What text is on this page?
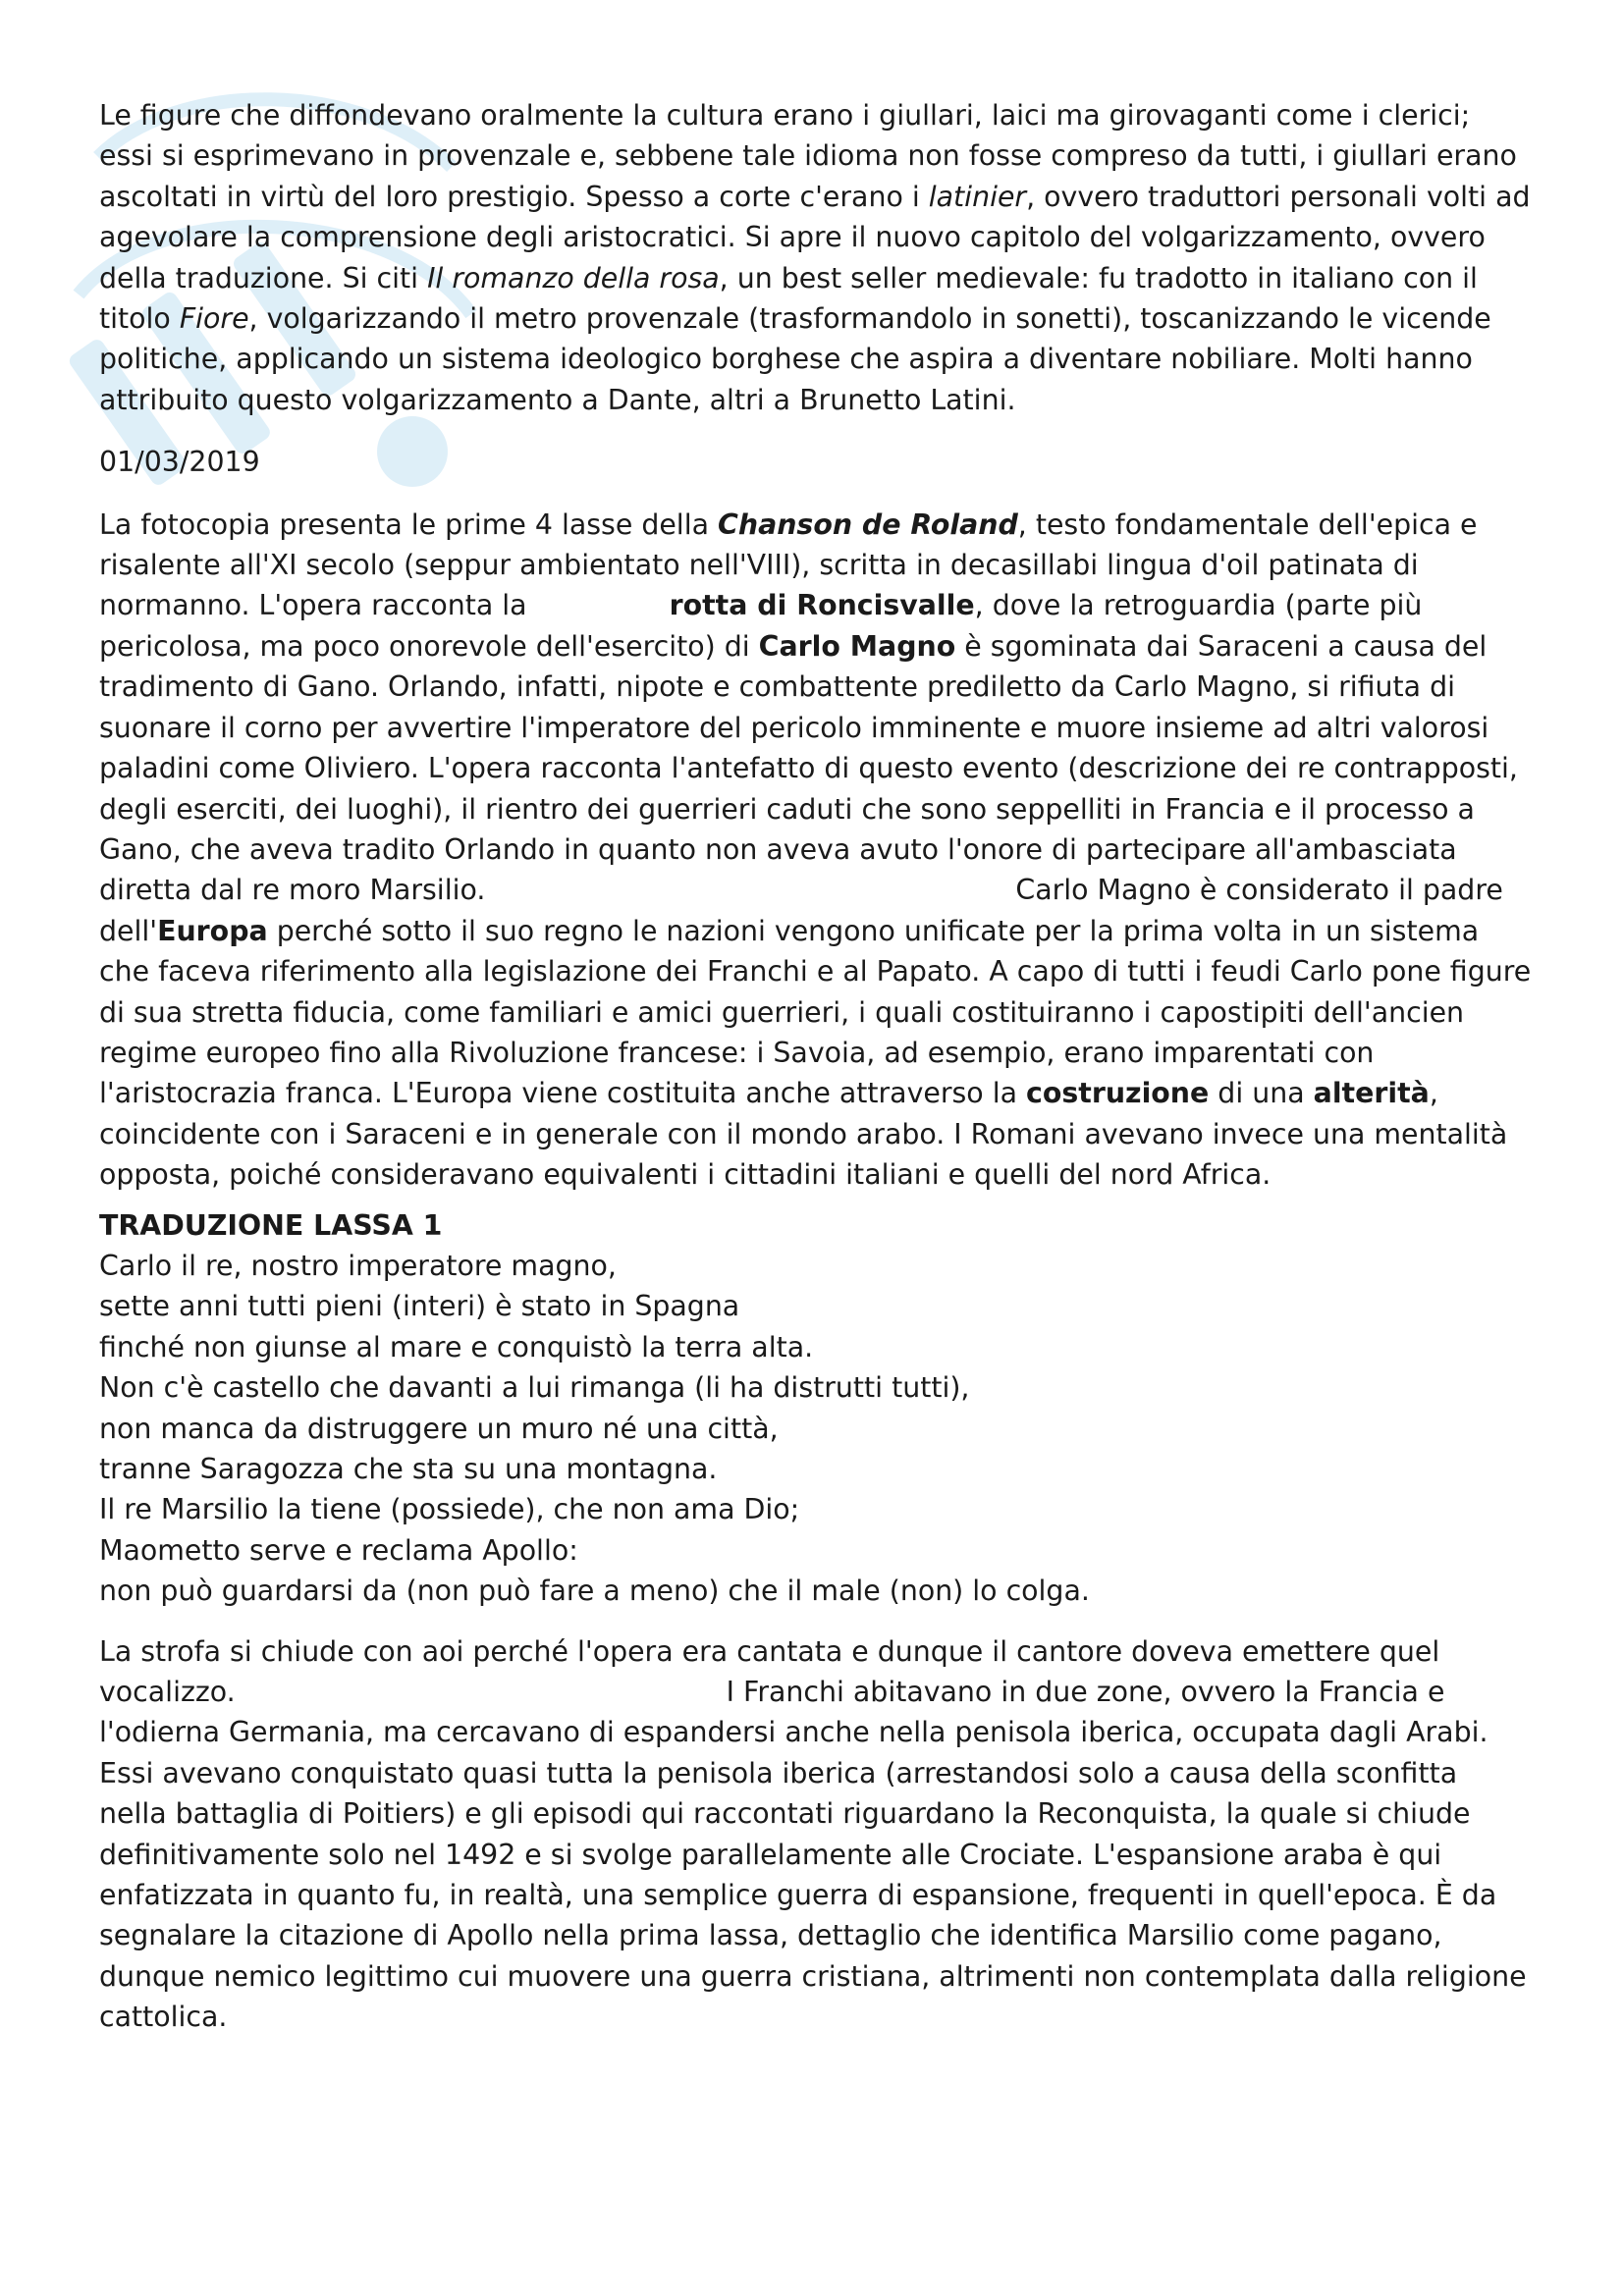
Le figure che diffondevano oralmente la cultura erano i giullari, laici ma girovaganti come i clerici; essi si esprimevano in provenzale e, sebbene tale idioma non fosse compreso da tutti, i giullari erano ascoltati in virtù del loro prestigio. Spesso a corte c'erano i latinier, ovvero traduttori personali volti ad agevolare la comprensione degli aristocratici. Si apre il nuovo capitolo del volgarizzamento, ovvero della traduzione. Si citi Il romanzo della rosa, un best seller medievale: fu tradotto in italiano con il titolo Fiore, volgarizzando il metro provenzale (trasformandolo in sonetti), toscanizzando le vicende politiche, applicando un sistema ideologico borghese che aspira a diventare nobiliare. Molti hanno attribuito questo volgarizzamento a Dante, altri a Brunetto Latini.

01/03/2019

La fotocopia presenta le prime 4 lasse della Chanson de Roland, testo fondamentale dell'epica e risalente all'XI secolo (seppur ambientato nell'VIII), scritta in decasillabi lingua d'oil patinata di normanno. L'opera racconta la	rotta di Roncisvalle, dove la retroguardia (parte più pericolosa, ma poco onorevole dell'esercito) di Carlo Magno è sgominata dai Saraceni a causa del tradimento di Gano. Orlando, infatti, nipote e combattente prediletto da Carlo Magno, si rifiuta di suonare il corno per avvertire l'imperatore del pericolo imminente e muore insieme ad altri valorosi paladini come Oliviero. L'opera racconta l'antefatto di questo evento (descrizione dei re contrapposti, degli eserciti, dei luoghi), il rientro dei guerrieri caduti che sono seppelliti in Francia e il processo a Gano, che aveva tradito Orlando in quanto non aveva avuto l'onore di partecipare all'ambasciata diretta dal re moro Marsilio.	Carlo Magno è considerato il padre dell'Europa perché sotto il suo regno le nazioni vengono unificate per la prima volta in un sistema che faceva riferimento alla legislazione dei Franchi e al Papato. A capo di tutti i feudi Carlo pone figure di sua stretta fiducia, come familiari e amici guerrieri, i quali costituiranno i capostipiti dell'ancien regime europeo fino alla Rivoluzione francese: i Savoia, ad esempio, erano imparentati con l'aristocrazia franca. L'Europa viene costituita anche attraverso la costruzione di una alterità, coincidente con i Saraceni e in generale con il mondo arabo. I Romani avevano invece una mentalità opposta, poiché consideravano equivalenti i cittadini italiani e quelli del nord Africa.

TRADUZIONE LASSA 1
Carlo il re, nostro imperatore magno,
sette anni tutti pieni (interi) è stato in Spagna
finché non giunse al mare e conquistò la terra alta.
Non c'è castello che davanti a lui rimanga (li ha distrutti tutti),
non manca da distruggere un muro né una città,
tranne Saragozza che sta su una montagna.
Il re Marsilio la tiene (possiede), che non ama Dio;
Maometto serve e reclama Apollo:
non può guardarsi da (non può fare a meno) che il male (non) lo colga.

La strofa si chiude con aoi perché l'opera era cantata e dunque il cantore doveva emettere quel vocalizzo.	I Franchi abitavano in due zone, ovvero la Francia e l'odierna Germania, ma cercavano di espandersi anche nella penisola iberica, occupata dagli Arabi. Essi avevano conquistato quasi tutta la penisola iberica (arrestandosi solo a causa della sconfitta nella battaglia di Poitiers) e gli episodi qui raccontati riguardano la Reconquista, la quale si chiude definitivamente solo nel 1492 e si svolge parallelamente alle Crociate. L'espansione araba è qui enfatizzata in quanto fu, in realtà, una semplice guerra di espansione, frequenti in quell'epoca. È da segnalare la citazione di Apollo nella prima lassa, dettaglio che identifica Marsilio come pagano, dunque nemico legittimo cui muovere una guerra cristiana, altrimenti non contemplata dalla religione cattolica.
